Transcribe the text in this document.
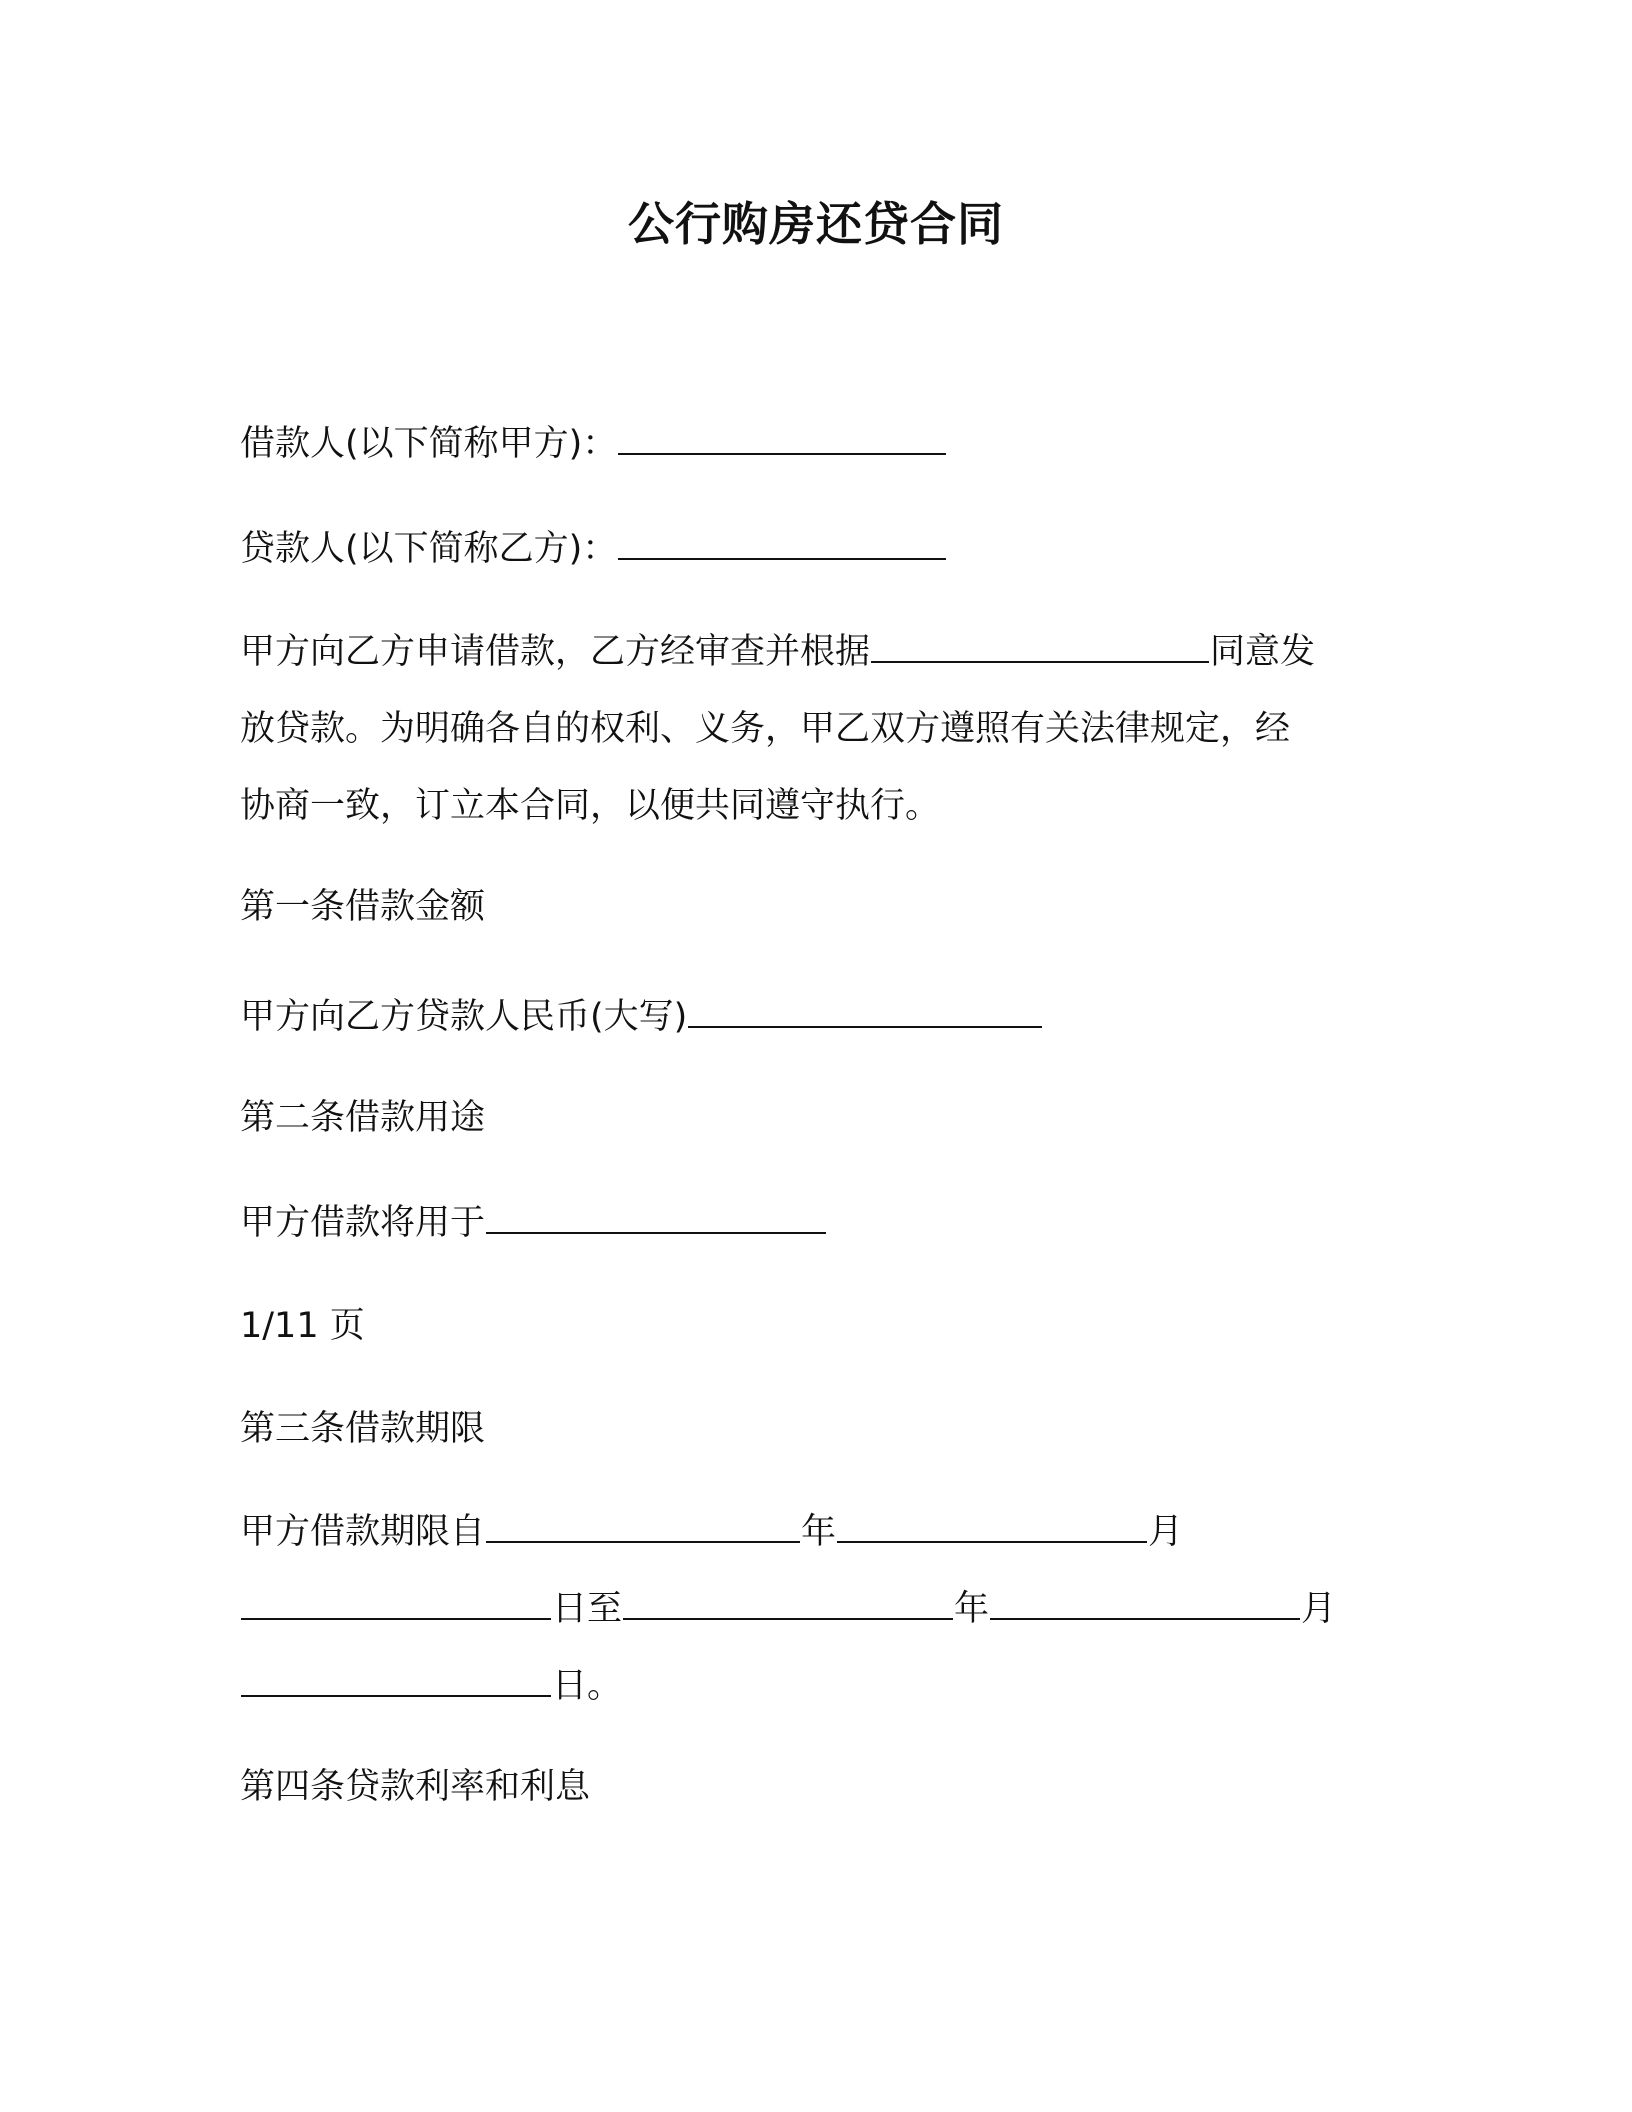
公行购房还贷合同
借款人(以下简称甲方)：
贷款人(以下简称乙方)：
甲方向乙方申请借款，乙方经审查并根据	同意发
放贷款。为明确各自的权利、义务，甲乙双方遵照有关法律规定，经
协商一致，订立本合同，以便共同遵守执行。
第一条借款金额
甲方向乙方贷款人民币(大写)
第二条借款用途
甲方借款将用于
1/11 页
第三条借款期限
甲方借款期限自	年	月
日至	年	月
日。
第四条贷款利率和利息
